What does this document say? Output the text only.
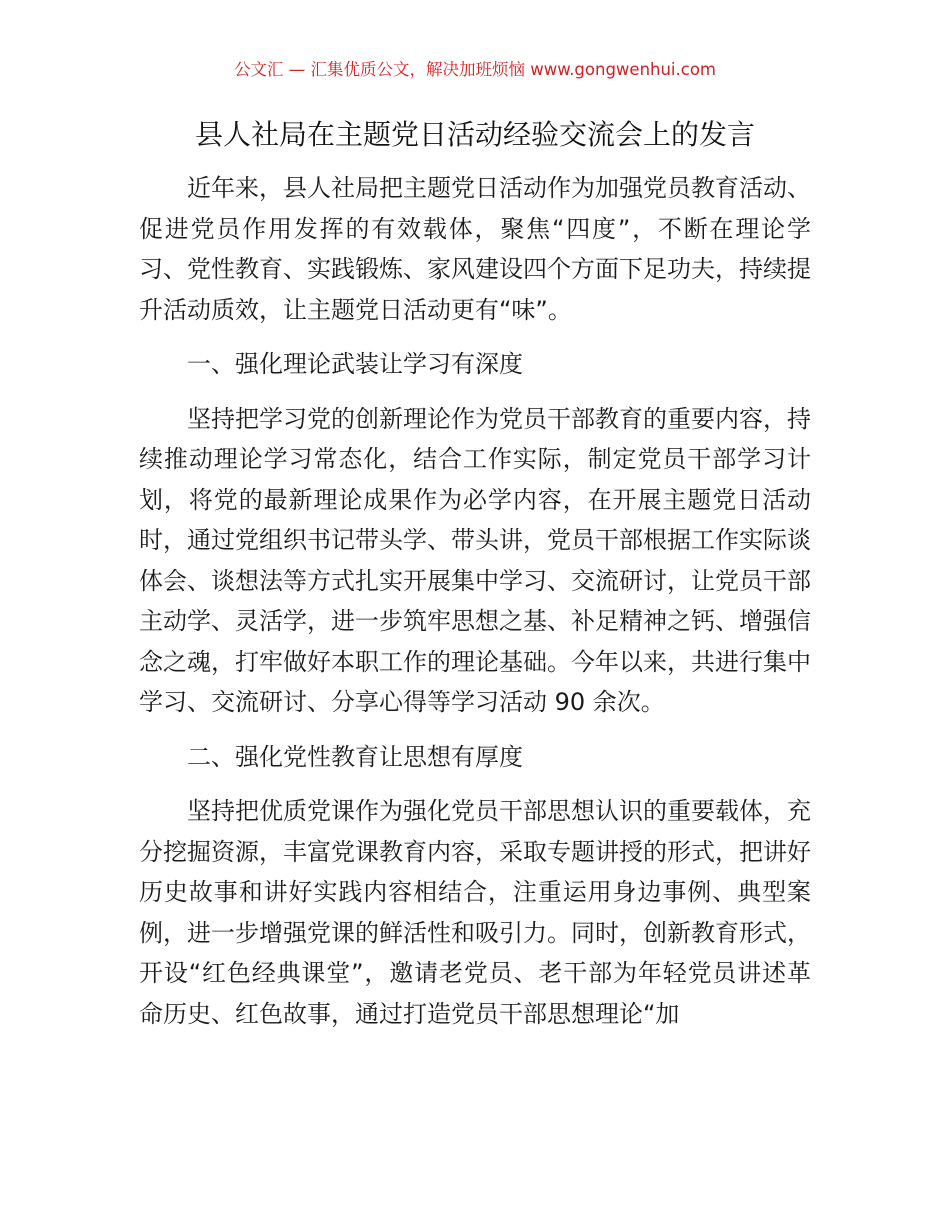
公文汇 — 汇集优质公文，解决加班烦恼 www.gongwenhui.com
县人社局在主题党日活动经验交流会上的发言

近年来，县人社局把主题党日活动作为加强党员教育活动、促进党员作用发挥的有效载体，聚焦“四度”，不断在理论学习、党性教育、实践锻炼、家风建设四个方面下足功夫，持续提升活动质效，让主题党日活动更有“味”。

一、强化理论武装让学习有深度

坚持把学习党的创新理论作为党员干部教育的重要内容，持续推动理论学习常态化，结合工作实际，制定党员干部学习计划，将党的最新理论成果作为必学内容，在开展主题党日活动时，通过党组织书记带头学、带头讲，党员干部根据工作实际谈体会、谈想法等方式扎实开展集中学习、交流研讨，让党员干部主动学、灵活学，进一步筑牢思想之基、补足精神之钙、增强信念之魂，打牢做好本职工作的理论基础。今年以来，共进行集中学习、交流研讨、分享心得等学习活动 90 余次。

二、强化党性教育让思想有厚度

坚持把优质党课作为强化党员干部思想认识的重要载体，充分挖掘资源，丰富党课教育内容，采取专题讲授的形式，把讲好历史故事和讲好实践内容相结合，注重运用身边事例、典型案例，进一步增强党课的鲜活性和吸引力。同时，创新教育形式，开设“红色经典课堂”，邀请老党员、老干部为年轻党员讲述革命历史、红色故事，通过打造党员干部思想理论“加
